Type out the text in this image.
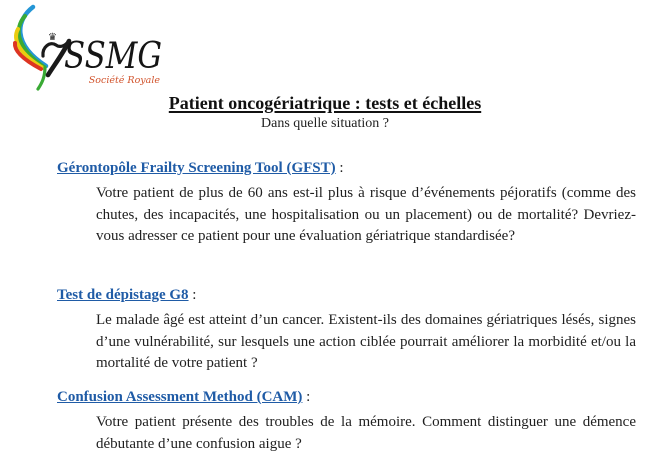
♛ SSMG
Société Royale
Patient oncogériatrique : tests et échelles
Dans quelle situation ?
Gérontopôle Frailty Screening Tool (GFST) :

Votre patient de plus de 60 ans est-il plus à risque d’événements péjoratifs (comme des chutes, des incapacités, une hospitalisation ou un placement) ou de mortalité? Devriez-vous adresser ce patient pour une évaluation gériatrique standardisée?

Test de dépistage G8 :

Le malade âgé est atteint d’un cancer. Existent-ils des domaines gériatriques lésés, signes d’une vulnérabilité, sur lesquels une action ciblée pourrait améliorer la morbidité et/ou la mortalité de votre patient ?

Confusion Assessment Method (CAM) :

Votre patient présente des troubles de la mémoire. Comment distinguer une démence débutante d’une confusion aigue ?
